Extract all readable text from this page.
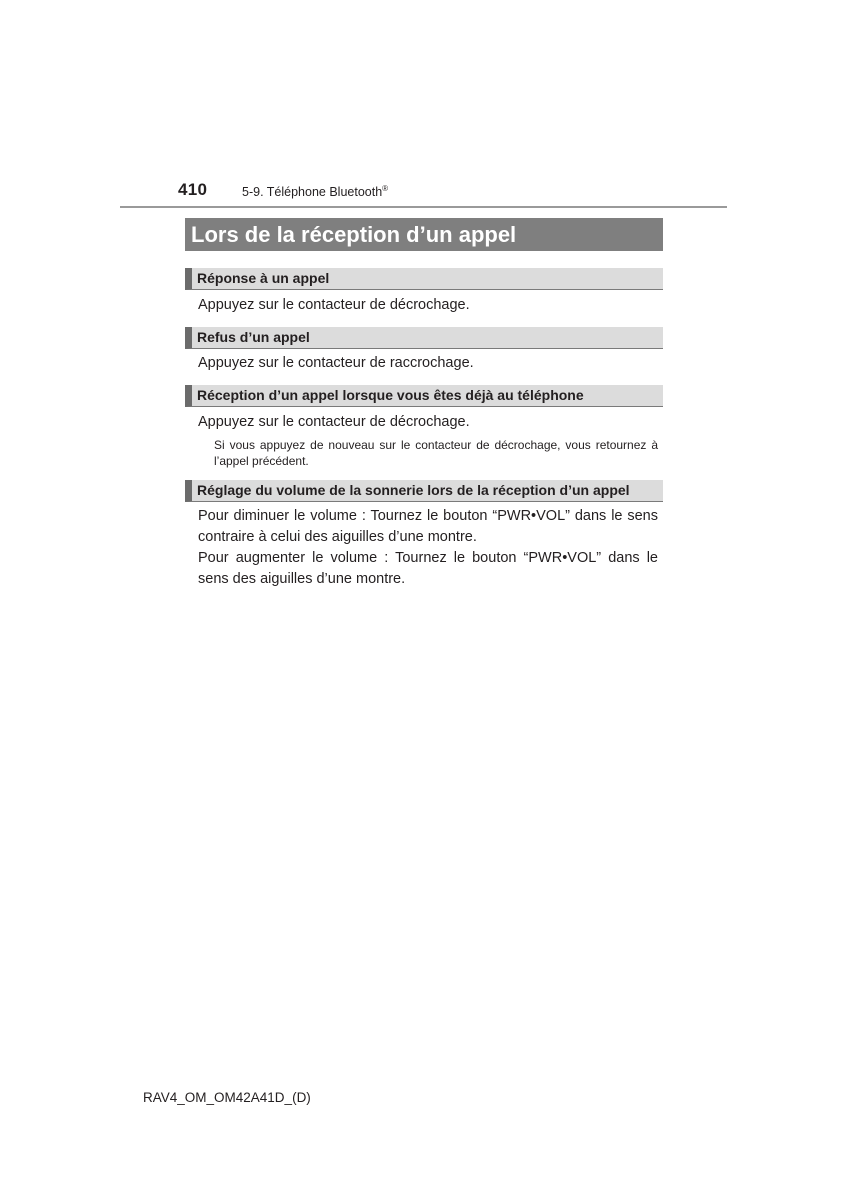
410	5-9. Téléphone Bluetooth®
Lors de la réception d’un appel
Réponse à un appel
Appuyez sur le contacteur de décrochage.
Refus d’un appel
Appuyez sur le contacteur de raccrochage.
Réception d’un appel lorsque vous êtes déjà au téléphone
Appuyez sur le contacteur de décrochage.
Si vous appuyez de nouveau sur le contacteur de décrochage, vous retournez à l’appel précédent.
Réglage du volume de la sonnerie lors de la réception d’un appel
Pour diminuer le volume : Tournez le bouton “PWR•VOL” dans le sens contraire à celui des aiguilles d’une montre.
Pour augmenter le volume : Tournez le bouton “PWR•VOL” dans le sens des aiguilles d’une montre.
RAV4_OM_OM42A41D_(D)
